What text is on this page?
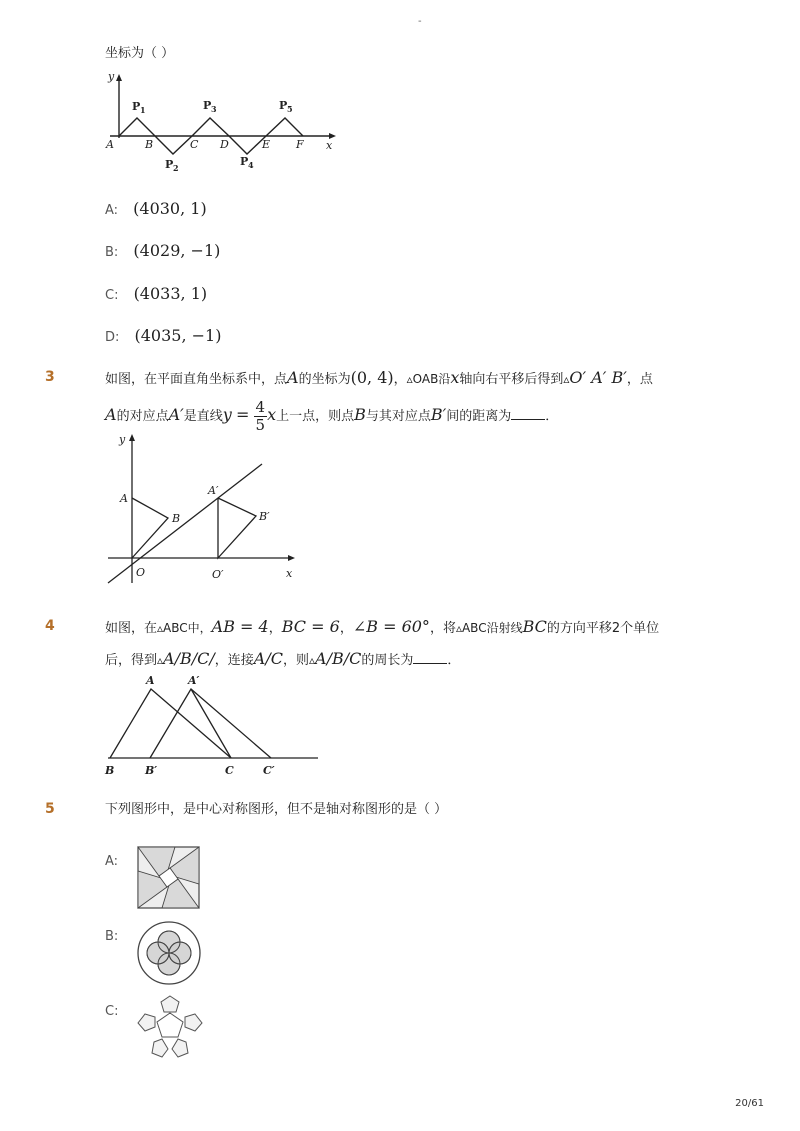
-
坐标为（ ）
y
x
A	B	C D	E F
P 1
P 2
P 3
P 4
P 5
A: (4030, 1)
B: (4029, −1)
C: (4033, 1)
D: (4035, −1)
3	如图，在平面直角坐标系中，点A的坐标为(0, 4)，▵OAB沿x轴向右平移后得到▵O′ A′ B′，点
A的对应点A′是直线$y = \frac{4}{5}$ x上一点，则点B与其对应点B′间的距离为	．
y
x
A
B
A′
B′
O	O′
4	如图，在▵ABC中，AB = 4，BC = 6，∠B = 60°，将▵ABC沿射线BC的方向平移2个单位
后，得到▵A/B/C/，连接A/C，则▵A/B/C的周长为	．
A	A′
B	B′	C	C′
5	下列图形中，是中心对称图形，但不是轴对称图形的是（ ）
A:
B:
C:
20/61
